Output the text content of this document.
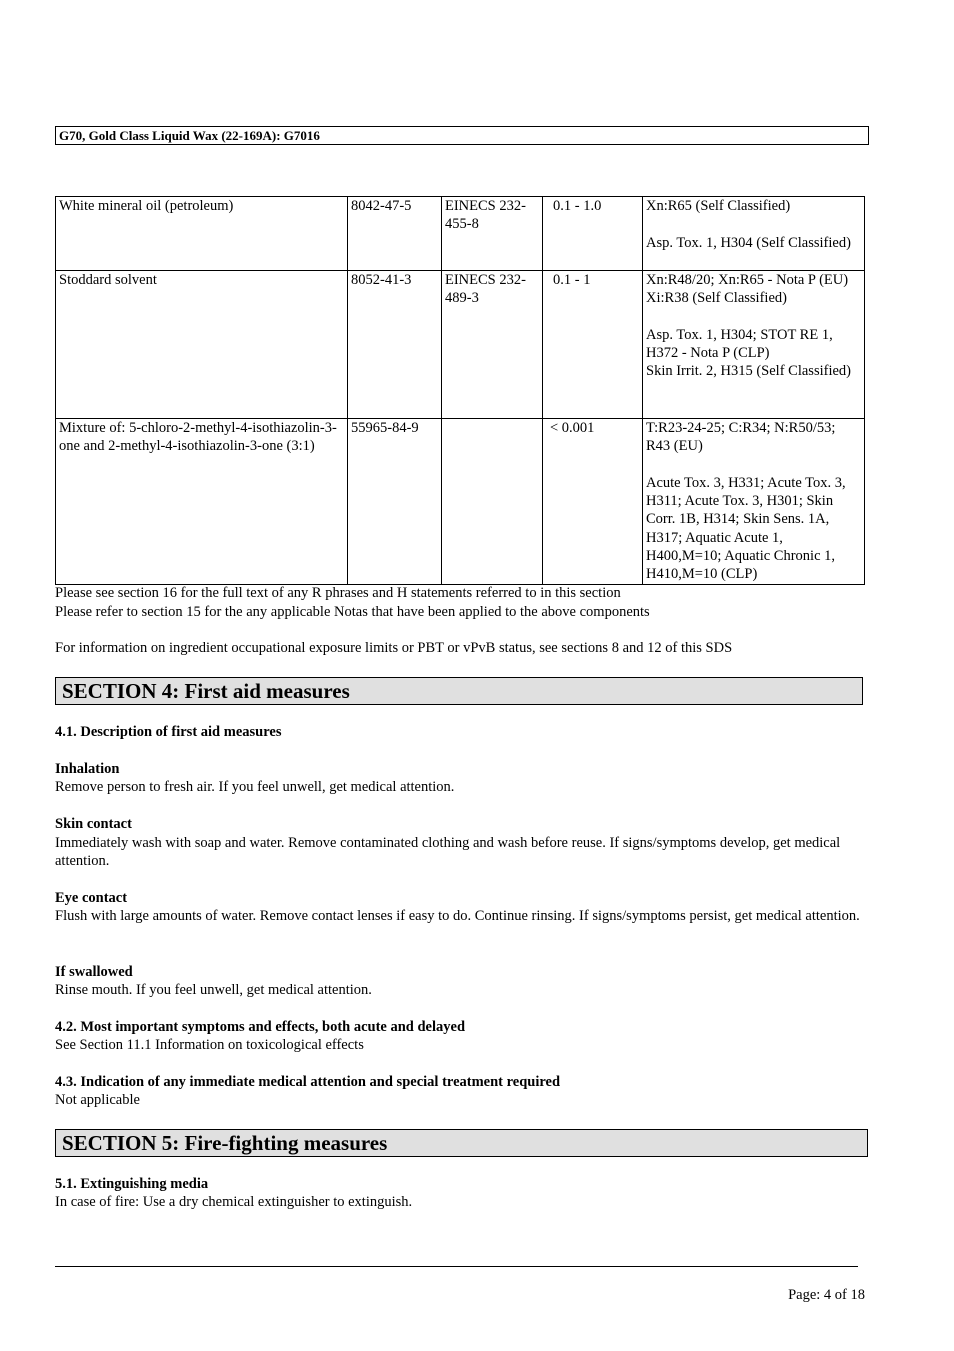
G70, Gold Class Liquid Wax (22-169A): G7016
White mineral oil (petroleum)	8042-47-5	EINECS 232-455-8	0.1 - 1.0	Xn:R65 (Self Classified)
Asp. Tox. 1, H304 (Self Classified)

Stoddard solvent	8052-41-3	EINECS 232-489-3	0.1 - 1	Xn:R48/20; Xn:R65 - Nota P (EU)
Xi:R38 (Self Classified)
Asp. Tox. 1, H304; STOT RE 1, H372 - Nota P (CLP)
Skin Irrit. 2, H315 (Self Classified)

Mixture of: 5-chloro-2-methyl-4-isothiazolin-3-one and 2-methyl-4-isothiazolin-3-one (3:1)	55965-84-9		< 0.001	T:R23-24-25; C:R34; N:R50/53; R43 (EU)
Acute Tox. 3, H331; Acute Tox. 3, H311; Acute Tox. 3, H301; Skin Corr. 1B, H314; Skin Sens. 1A, H317; Aquatic Acute 1, H400,M=10; Aquatic Chronic 1, H410,M=10 (CLP)
Please see section 16 for the full text of any R phrases and H statements referred to in this section
Please refer to section 15 for the any applicable Notas that have been applied to the above components
For information on ingredient occupational exposure limits or PBT or vPvB status, see sections 8 and 12 of this SDS
SECTION 4: First aid measures
4.1. Description of first aid measures
Inhalation
Remove person to fresh air. If you feel unwell, get medical attention.
Skin contact
Immediately wash with soap and water. Remove contaminated clothing and wash before reuse. If signs/symptoms develop, get medical attention.
Eye contact
Flush with large amounts of water. Remove contact lenses if easy to do. Continue rinsing. If signs/symptoms persist, get medical attention.
If swallowed
Rinse mouth. If you feel unwell, get medical attention.
4.2. Most important symptoms and effects, both acute and delayed
See Section 11.1 Information on toxicological effects
4.3. Indication of any immediate medical attention and special treatment required
Not applicable
SECTION 5: Fire-fighting measures
5.1. Extinguishing media
In case of fire: Use a dry chemical extinguisher to extinguish.
Page: 4 of 18
